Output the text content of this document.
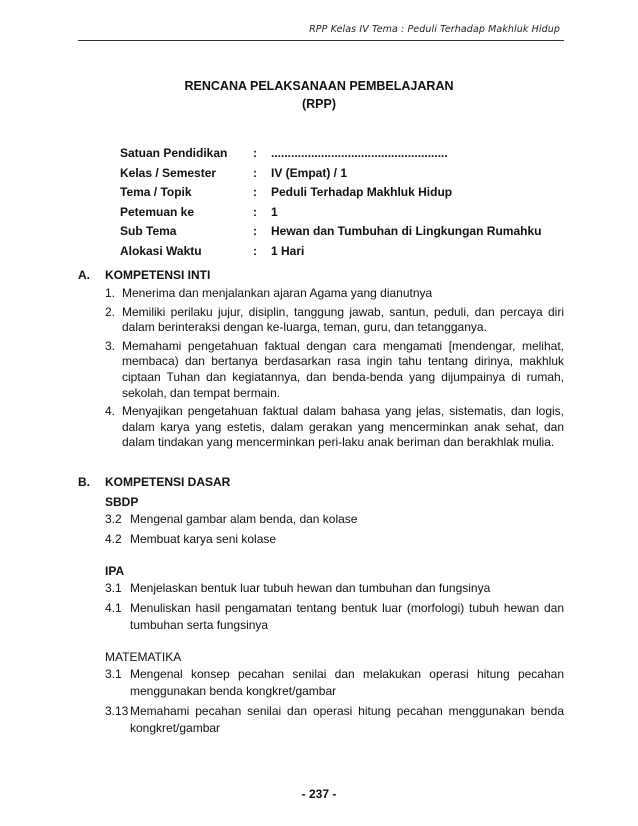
RPP Kelas IV Tema : Peduli Terhadap Makhluk Hidup
RENCANA PELAKSANAAN PEMBELAJARAN
(RPP)
Satuan Pendidikan	:	.....................................................
Kelas / Semester	:	IV (Empat) / 1
Tema / Topik	:	Peduli Terhadap Makhluk Hidup
Petemuan ke	:	1
Sub Tema	:	Hewan dan Tumbuhan di Lingkungan Rumahku
Alokasi Waktu	:	1 Hari
A. KOMPETENSI INTI
1. Menerima dan menjalankan ajaran Agama yang dianutnya
2. Memiliki perilaku jujur, disiplin, tanggung jawab, santun, peduli, dan percaya diri dalam berinteraksi dengan ke-luarga, teman, guru, dan tetangganya.
3. Memahami pengetahuan faktual dengan cara mengamati [mendengar, melihat, membaca) dan bertanya berdasarkan rasa ingin tahu tentang dirinya, makhluk ciptaan Tuhan dan kegiatannya, dan benda-benda yang dijumpainya di rumah, sekolah, dan tempat bermain.
4. Menyajikan pengetahuan faktual dalam bahasa yang jelas, sistematis, dan logis, dalam karya yang estetis, dalam gerakan yang mencerminkan anak sehat, dan dalam tindakan yang mencerminkan peri-laku anak beriman dan berakhlak mulia.
B. KOMPETENSI DASAR
SBDP
3.2 Mengenal gambar alam benda, dan kolase
4.2 Membuat karya seni kolase
IPA
3.1 Menjelaskan bentuk luar tubuh hewan dan tumbuhan dan fungsinya
4.1 Menuliskan hasil pengamatan tentang bentuk luar (morfologi) tubuh hewan dan tumbuhan serta fungsinya
MATEMATIKA
3.1 Mengenal konsep pecahan senilai dan melakukan operasi hitung pecahan menggunakan benda kongkret/gambar
3.13 Memahami pecahan senilai dan operasi hitung pecahan menggunakan benda kongkret/gambar
- 237 -
